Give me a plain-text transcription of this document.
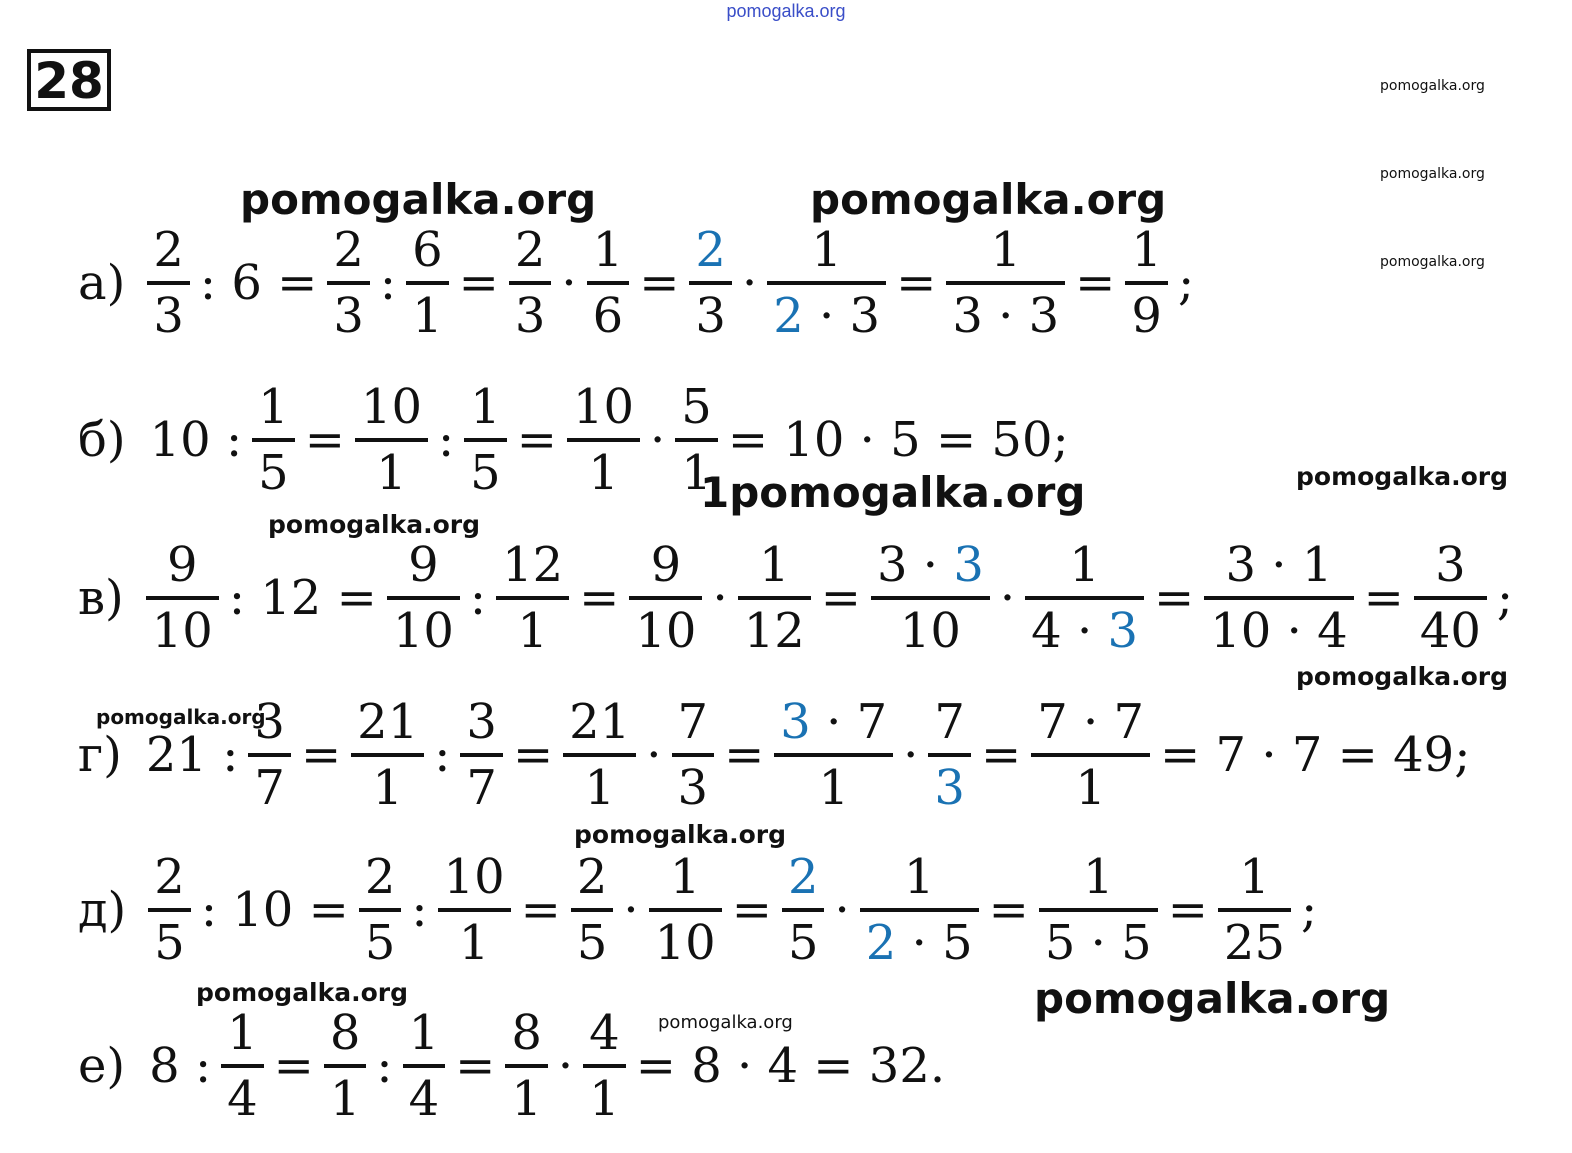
pomogalka.org
28	pomogalka.org
pomogalka.org
pomogalka.org
pomogalka.org	pomogalka.org
pomogalka.org
1pomogalka.org
pomogalka.org
pomogalka.org
pomogalka.org
pomogalka.org
pomogalka.org	pomogalka.org
pomogalka.org
$а) \frac{2}{3}$ : $6 = \frac{2}{3}$ : $\frac{6}{1} = \frac{2}{3} \cdot \frac{1}{6} = \frac{2}{3} \cdot \frac{1}{2 \cdot 3} = \frac{1}{3 \cdot 3} = \frac{1}{9}$ ;
б) 10 : $\frac{1}{5} = \frac{10}{1}$ : $\frac{1}{5} = \frac{10}{1} \cdot \frac{5}{1} = 10 \cdot 5 = 50$;
$в) \frac{9}{10}$ : $12 = \frac{9}{10}$ : $\frac{12}{1} = \frac{9}{10} \cdot \frac{1}{12} = \frac{3 \cdot 3}{10} \cdot \frac{1}{4 \cdot 3} = \frac{3 \cdot 1}{10 \cdot 4} = \frac{3}{40}$ ;
г) 21 : $\frac{3}{7} = \frac{21}{1}$ : $\frac{3}{7} = \frac{21}{1} \cdot \frac{7}{3} = \frac{3 \cdot 7}{1} \cdot \frac{7}{3} = \frac{7 \cdot 7}{1} = 7 \cdot 7 = 49$;
$д) \frac{2}{5}$ : $10 = \frac{2}{5}$ : $\frac{10}{1} = \frac{2}{5} \cdot \frac{1}{10} = \frac{2}{5} \cdot \frac{1}{2 \cdot 5} = \frac{1}{5 \cdot 5} = \frac{1}{25}$ ;
е) 8 : $\frac{1}{4} = \frac{8}{1}$ : $\frac{1}{4} = \frac{8}{1} \cdot \frac{4}{1} = 8 \cdot 4 = 32$.
